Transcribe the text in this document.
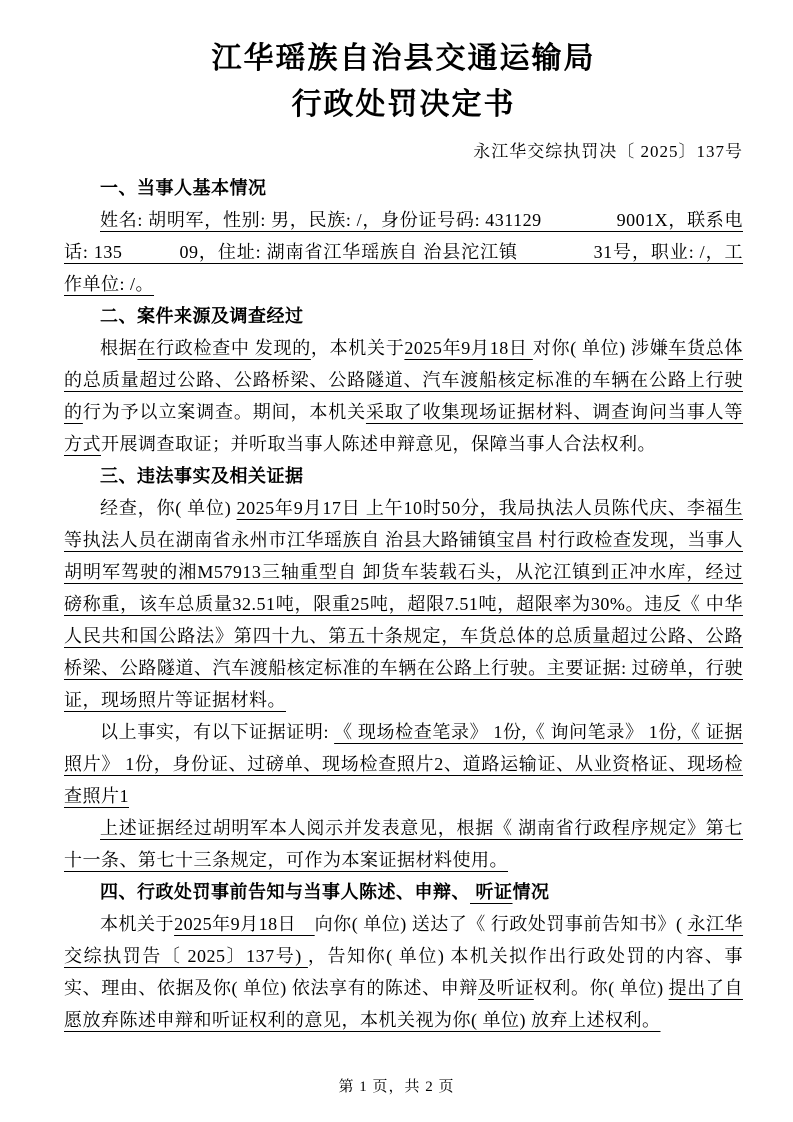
江华瑶族自治县交通运输局
行政处罚决定书
永江华交综执罚决〔 2025〕137号
一、当事人基本情况
姓名: 胡明军，性别: 男，民族: /，身份证号码: 431129　　　　9001X，联系电话: 135　　　09，住址: 湖南省江华瑶族自 治县沱江镇　　　　31号，职业: /，工作单位: /。
二、案件来源及调查经过
根据在行政检查中 发现的，本机关于2025年9月18日 对你( 单位) 涉嫌车货总体的总质量超过公路、公路桥梁、公路隧道、汽车渡船核定标准的车辆在公路上行驶的行为予以立案调查。期间，本机关采取了收集现场证据材料、调查询问当事人等方式开展调查取证；并听取当事人陈述申辩意见，保障当事人合法权利。
三、违法事实及相关证据
经查，你( 单位) 2025年9月17日 上午10时50分，我局执法人员陈代庆、李福生等执法人员在湖南省永州市江华瑶族自 治县大路铺镇宝昌 村行政检查发现，当事人胡明军驾驶的湘M57913三轴重型自 卸货车装载石头，从沱江镇到正冲水库，经过磅称重，该车总质量32.51吨，限重25吨，超限7.51吨，超限率为30%。违反《 中华人民共和国公路法》第四十九、第五十条规定，车货总体的总质量超过公路、公路桥梁、公路隧道、汽车渡船核定标准的车辆在公路上行驶。主要证据: 过磅单，行驶证，现场照片等证据材料。
以上事实，有以下证据证明: 《 现场检查笔录》 1份,《 询问笔录》 1份,《 证据照片》 1份，身份证、过磅单、现场检查照片2、道路运输证、从业资格证、现场检查照片1
上述证据经过胡明军本人阅示并发表意见，根据《 湖南省行政程序规定》第七十一条、第七十三条规定，可作为本案证据材料使用。
四、行政处罚事前告知与当事人陈述、申辩、 听证情况
本机关于2025年9月18日　向你( 单位) 送达了《 行政处罚事前告知书》( 永江华交综执罚告〔 2025〕137号) ，告知你( 单位) 本机关拟作出行政处罚的内容、事实、理由、依据及你( 单位) 依法享有的陈述、申辩及听证权利。你( 单位) 提出了自 愿放弃陈述申辩和听证权利的意见，本机关视为你( 单位) 放弃上述权利。
第 1 页，共 2 页
